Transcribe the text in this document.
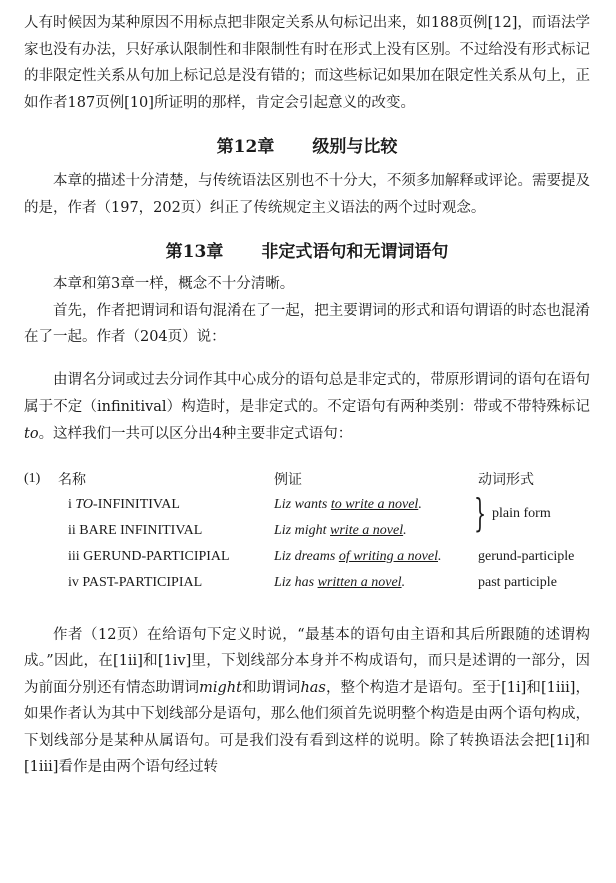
人有时候因为某种原因不用标点把非限定关系从句标记出来，如188页例[12]，而语法学家也没有办法，只好承认限制性和非限制性有时在形式上没有区别。不过给没有形式标记的非限定性关系从句加上标记总是没有错的；而这些标记如果加在限定性关系从句上，正如作者187页例[10]所证明的那样，肯定会引起意义的改变。

第12章 级别与比较

本章的描述十分清楚，与传统语法区别也不十分大，不须多加解释或评论。需要提及的是，作者（197，202页）纠正了传统规定主义语法的两个过时观念。

第13章 非定式语句和无谓词语句

本章和第3章一样，概念不十分清晰。

首先，作者把谓词和语句混淆在了一起，把主要谓词的形式和语句谓语的时态也混淆在了一起。作者（204页）说：

由谓名分词或过去分词作其中心成分的语句总是非定式的，带原形谓词的语句在语句属于不定（infinitival）构造时，是非定式的。不定语句有两种类别：带或不带特殊标记to。这样我们一共可以区分出4种主要非定式语句：

(1)	名称	例证	动词形式
	i TO-INFINITIVAL	Liz wants to write a novel.	} plain form

	ii BARE INFINITIVAL	Liz might write a novel.	
	iii GERUND-PARTICIPIAL	Liz dreams of writing a novel.	gerund-participle
	iv PAST-PARTICIPIAL	Liz has written a novel.	past participle

作者（12页）在给语句下定义时说，“最基本的语句由主语和其后所跟随的述谓构成。”因此，在[1ii]和[1iv]里，下划线部分本身并不构成语句，而只是述谓的一部分，因为前面分别还有情态助谓词might和助谓词has，整个构造才是语句。至于[1i]和[1iii]，如果作者认为其中下划线部分是语句，那么他们须首先说明整个构造是由两个语句构成，下划线部分是某种从属语句。可是我们没有看到这样的说明。除了转换语法会把[1i]和[1iii]看作是由两个语句经过转
